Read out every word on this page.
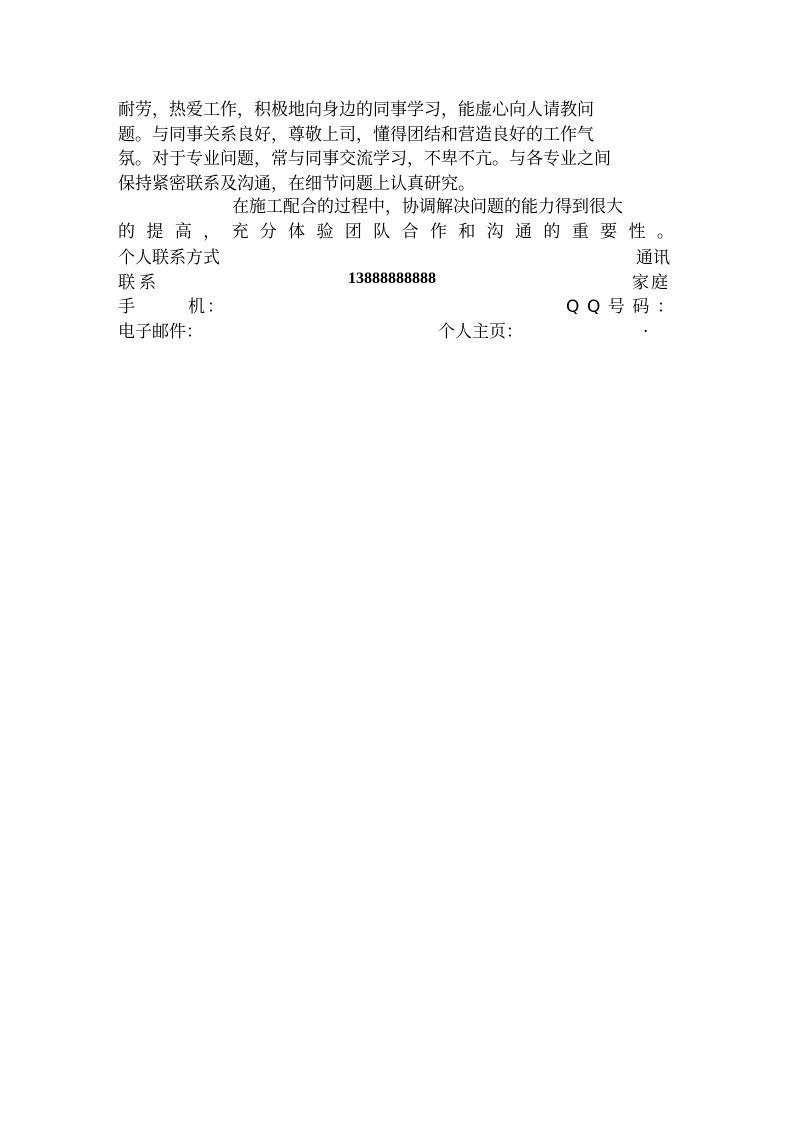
耐劳，热爱工作，积极地向身边的同事学习，能虚心向人请教问
题。与同事关系良好，尊敬上司，懂得团结和营造良好的工作气
氛。对于专业问题，常与同事交流学习，不卑不亢。与各专业之间
保持紧密联系及沟通，在细节问题上认真研究。
在施工配合的过程中，协调解决问题的能力得到很大
的 提 高 ， 充 分 体 验 团 队 合 作 和 沟 通 的 重 要 性 。
个人联系方式	通讯
联系	13888888888	家庭
手	机：	Q Q 号 码 ：
电子邮件：	个人主页：	.
